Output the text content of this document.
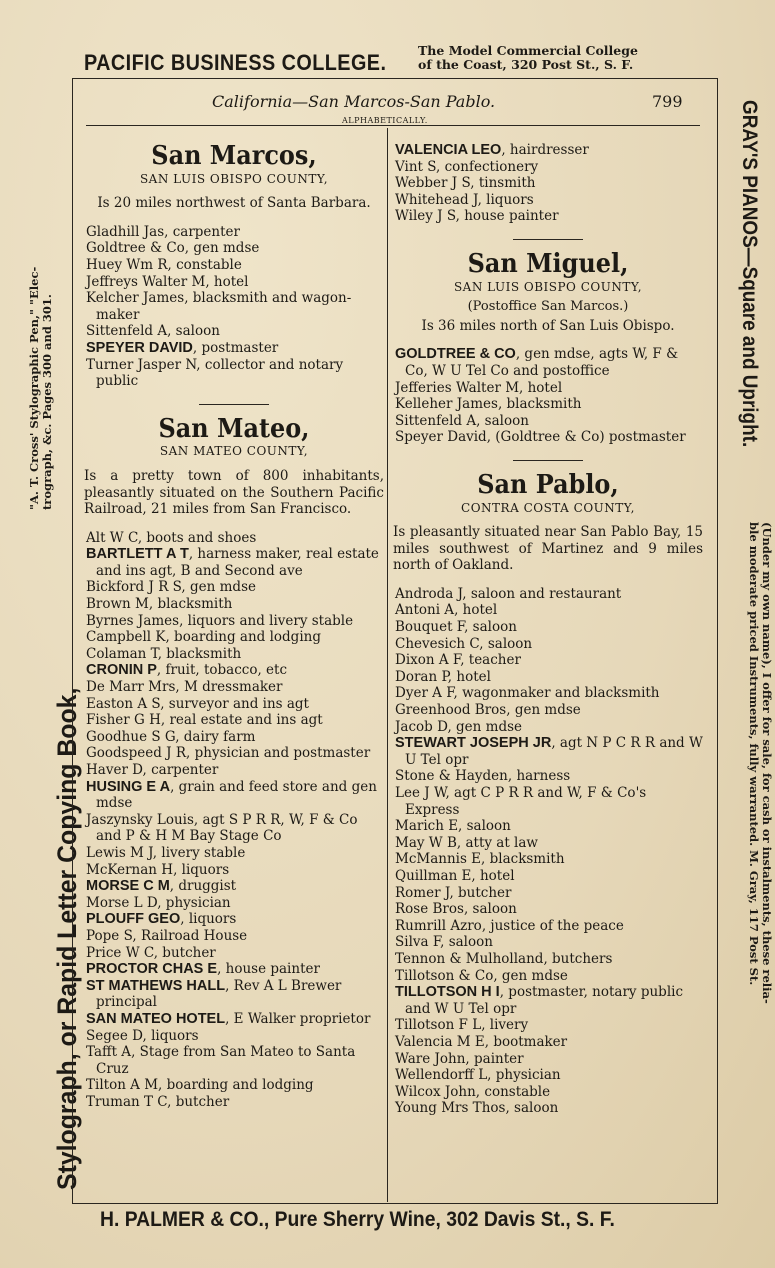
PACIFIC BUSINESS COLLEGE.	The Model Commercial College
of the Coast, 320 Post St., S. F.
Stylograph, or Rapid Letter Copying Book,
"A. T. Cross' Stylographic Pen," "Elec- trograph, &c. Pages 300 and 301.	GRAY'S PIANOS—Square and Upright.
(Under my own name), I offer for sale, for cash or instalments, these relia-
ble moderate priced Instruments, fully warranted. M. Gray, 117 Post St.
California—San Marcos-San Pablo.	799
ALPHABETICALLY.
San Marcos,
SAN LUIS OBISPO COUNTY,
Is 20 miles northwest of Santa Barbara.
Gladhill Jas, carpenter
Goldtree & Co, gen mdse
Huey Wm R, constable
Jeffreys Walter M, hotel
Kelcher James, blacksmith and wagon-maker
Sittenfeld A, saloon
SPEYER DAVID, postmaster
Turner Jasper N, collector and notary public
San Mateo,
SAN MATEO COUNTY,
Is a pretty town of 800 inhabitants, pleasantly situated on the Southern Pacific Railroad, 21 miles from San Francisco.
Alt W C, boots and shoes
BARTLETT A T, harness maker, real estate and ins agt, B and Second ave
Bickford J R S, gen mdse
Brown M, blacksmith
Byrnes James, liquors and livery stable
Campbell K, boarding and lodging
Colaman T, blacksmith
CRONIN P, fruit, tobacco, etc
De Marr Mrs, M dressmaker
Easton A S, surveyor and ins agt
Fisher G H, real estate and ins agt
Goodhue S G, dairy farm
Goodspeed J R, physician and postmaster
Haver D, carpenter
HUSING E A, grain and feed store and gen mdse
Jaszynsky Louis, agt S P R R, W, F & Co and P & H M Bay Stage Co
Lewis M J, livery stable
McKernan H, liquors
MORSE C M, druggist
Morse L D, physician
PLOUFF GEO, liquors
Pope S, Railroad House
Price W C, butcher
PROCTOR CHAS E, house painter
ST MATHEWS HALL, Rev A L Brewer principal
SAN MATEO HOTEL, E Walker proprietor
Segee D, liquors
Tafft A, Stage from San Mateo to Santa Cruz
Tilton A M, boarding and lodging
Truman T C, butcher
VALENCIA LEO, hairdresser
Vint S, confectionery
Webber J S, tinsmith
Whitehead J, liquors
Wiley J S, house painter
San Miguel,
SAN LUIS OBISPO COUNTY,
(Postoffice San Marcos.)
Is 36 miles north of San Luis Obispo.
GOLDTREE & CO, gen mdse, agts W, F & Co, W U Tel Co and postoffice
Jefferies Walter M, hotel
Kelleher James, blacksmith
Sittenfeld A, saloon
Speyer David, (Goldtree & Co) postmaster
San Pablo,
CONTRA COSTA COUNTY,
Is pleasantly situated near San Pablo Bay, 15 miles southwest of Martinez and 9 miles north of Oakland.
Androda J, saloon and restaurant
Antoni A, hotel
Bouquet F, saloon
Chevesich C, saloon
Dixon A F, teacher
Doran P, hotel
Dyer A F, wagonmaker and blacksmith
Greenhood Bros, gen mdse
Jacob D, gen mdse
STEWART JOSEPH JR, agt N P C R R and W U Tel opr
Stone & Hayden, harness
Lee J W, agt C P R R and W, F & Co's Express
Marich E, saloon
May W B, atty at law
McMannis E, blacksmith
Quillman E, hotel
Romer J, butcher
Rose Bros, saloon
Rumrill Azro, justice of the peace
Silva F, saloon
Tennon & Mulholland, butchers
Tillotson & Co, gen mdse
TILLOTSON H I, postmaster, notary public and W U Tel opr
Tillotson F L, livery
Valencia M E, bootmaker
Ware John, painter
Wellendorff L, physician
Wilcox John, constable
Young Mrs Thos, saloon
H. PALMER & CO., Pure Sherry Wine, 302 Davis St., S. F.
